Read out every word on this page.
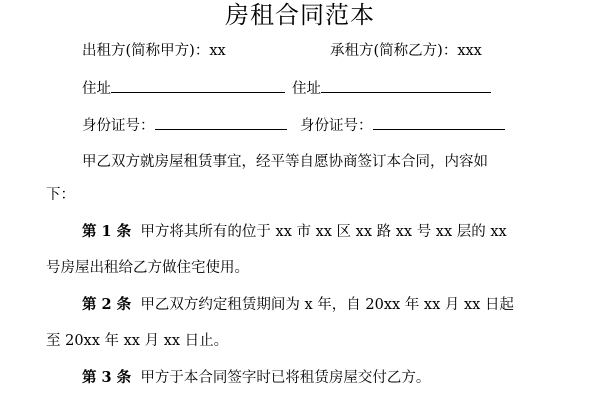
房租合同范本
出租方(简称甲方)：xx	承租方(简称乙方)：xxx
住址	住址
身份证号：	身份证号：
甲乙双方就房屋租赁事宜，经平等自愿协商签订本合同，内容如
下：
第 1 条 甲方将其所有的位于 xx 市 xx 区 xx 路 xx 号 xx 层的 xx
号房屋出租给乙方做住宅使用。
第 2 条 甲乙双方约定租赁期间为 x 年，自 20xx 年 xx 月 xx 日起
至 20xx 年 xx 月 xx 日止。
第 3 条 甲方于本合同签字时已将租赁房屋交付乙方。
